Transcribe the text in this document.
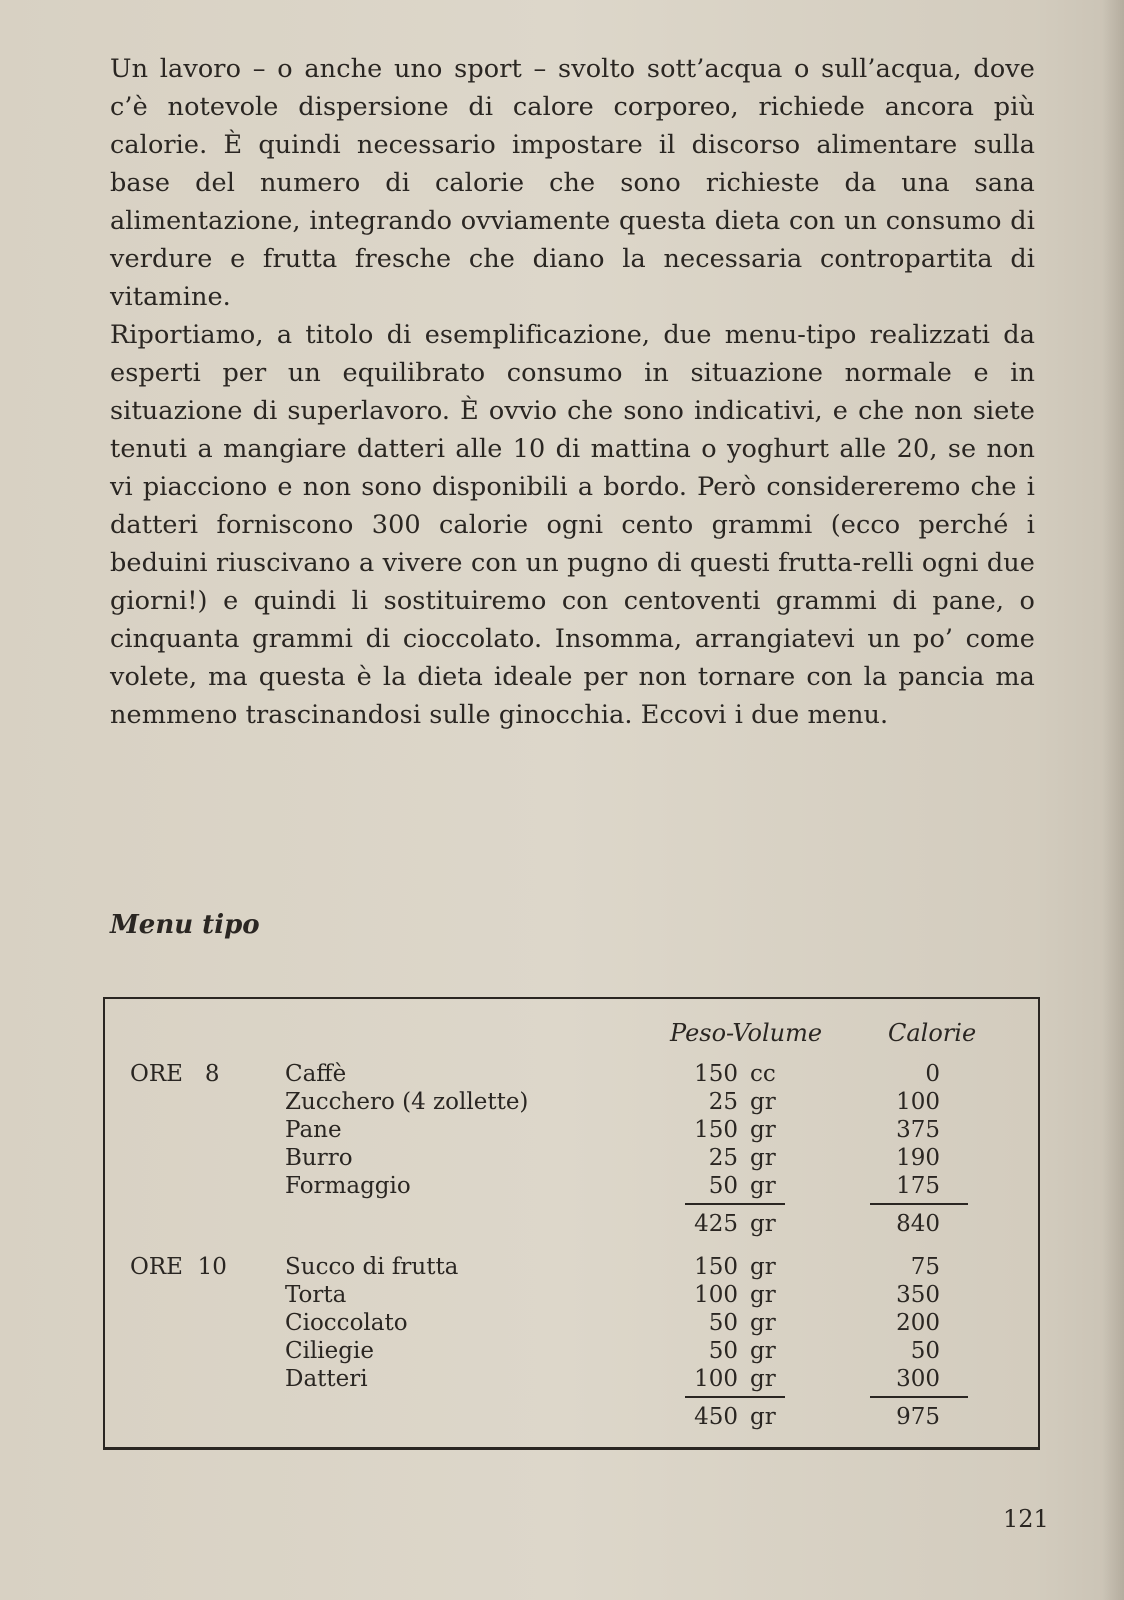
Un lavoro – o anche uno sport – svolto sott’acqua o sull’acqua, dove c’è notevole dispersione di calore corporeo, richiede ancora più calorie. È quindi necessario impostare il discorso alimentare sulla base del numero di calorie che sono richieste da una sana alimentazione, integrando ovviamente questa dieta con un consumo di verdure e frutta fresche che diano la necessaria contropartita di vitamine.

Riportiamo, a titolo di esemplificazione, due menu-tipo realizzati da esperti per un equilibrato consumo in situazione normale e in situazione di superlavoro. È ovvio che sono indicativi, e che non siete tenuti a mangiare datteri alle 10 di mattina o yoghurt alle 20, se non vi piacciono e non sono disponibili a bordo. Però considereremo che i datteri forniscono 300 calorie ogni cento grammi (ecco perché i beduini riuscivano a vivere con un pugno di questi frutta-relli ogni due giorni!) e quindi li sostituiremo con centoventi grammi di pane, o cinquanta grammi di cioccolato. Insomma, arrangiatevi un po’ come volete, ma questa è la dieta ideale per non tornare con la pancia ma nemmeno trascinandosi sulle ginocchia. Eccovi i due menu.

Menu tipo
Peso-Volume	Calorie
ORE   8	Caffè	150 cc	0
Zucchero (4 zollette)	25 gr	100
Pane	150 gr	375
Burro	25 gr	190
Formaggio	50 gr	175
425 gr	840
ORE  10	Succo di frutta	150 gr	75
Torta	100 gr	350
Cioccolato	50 gr	200
Ciliegie	50 gr	50
Datteri	100 gr	300
450 gr	975
121
